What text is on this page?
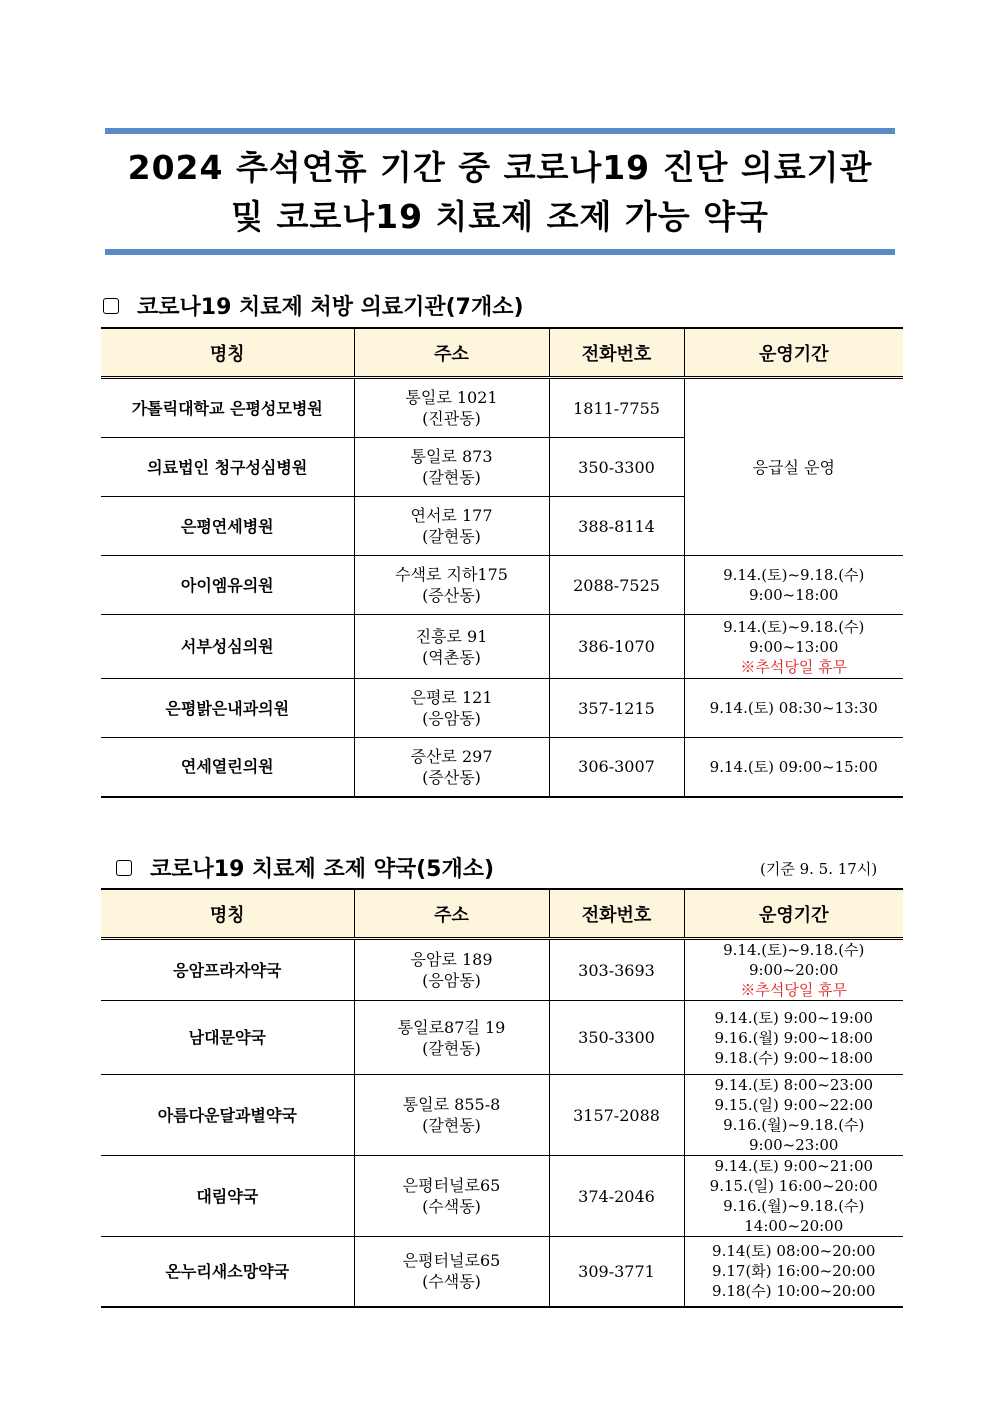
2024 추석연휴 기간 중 코로나19 진단 의료기관
및 코로나19 치료제 조제 가능 약국
코로나19 치료제 처방 의료기관(7개소)
명칭	주소	전화번호	운영기간
가톨릭대학교 은평성모병원	통일로 1021
(진관동)	1811-7755	응급실 운영
의료법인 청구성심병원	통일로 873
(갈현동)	350-3300	
은평연세병원	연서로 177
(갈현동)	388-8114	
아이엠유의원	수색로 지하175
(증산동)	2088-7525	9.14.(토)~9.18.(수) 9:00~18:00

서부성심의원	진흥로 91
(역촌동)	386-1070	9.14.(토)~9.18.(수) 9:00~13:00
※추석당일 휴무

은평밝은내과의원	은평로 121
(응암동)	357-1215	9.14.(토) 08:30~13:30

연세열린의원	증산로 297
(증산동)	306-3007	9.14.(토) 09:00~15:00
코로나19 치료제 조제 약국(5개소)	(기준 9. 5. 17시)
명칭	주소	전화번호	운영기간
응암프라자약국	응암로 189
(응암동)	303-3693	9.14.(토)~9.18.(수) 9:00~20:00
※추석당일 휴무

남대문약국	통일로87길 19
(갈현동)	350-3300	9.14.(토) 9:00~19:00
9.16.(월) 9:00~18:00
9.18.(수) 9:00~18:00

아름다운달과별약국	통일로 855-8
(갈현동)	3157-2088	9.14.(토) 8:00~23:00
9.15.(일) 9:00~22:00
9.16.(월)~9.18.(수) 9:00~23:00

대림약국	은평터널로65
(수색동)	374-2046	9.14.(토) 9:00~21:00
9.15.(일) 16:00~20:00
9.16.(월)~9.18.(수) 14:00~20:00

온누리새소망약국	은평터널로65
(수색동)	309-3771	9.14(토) 08:00~20:00
9.17(화) 16:00~20:00
9.18(수) 10:00~20:00
